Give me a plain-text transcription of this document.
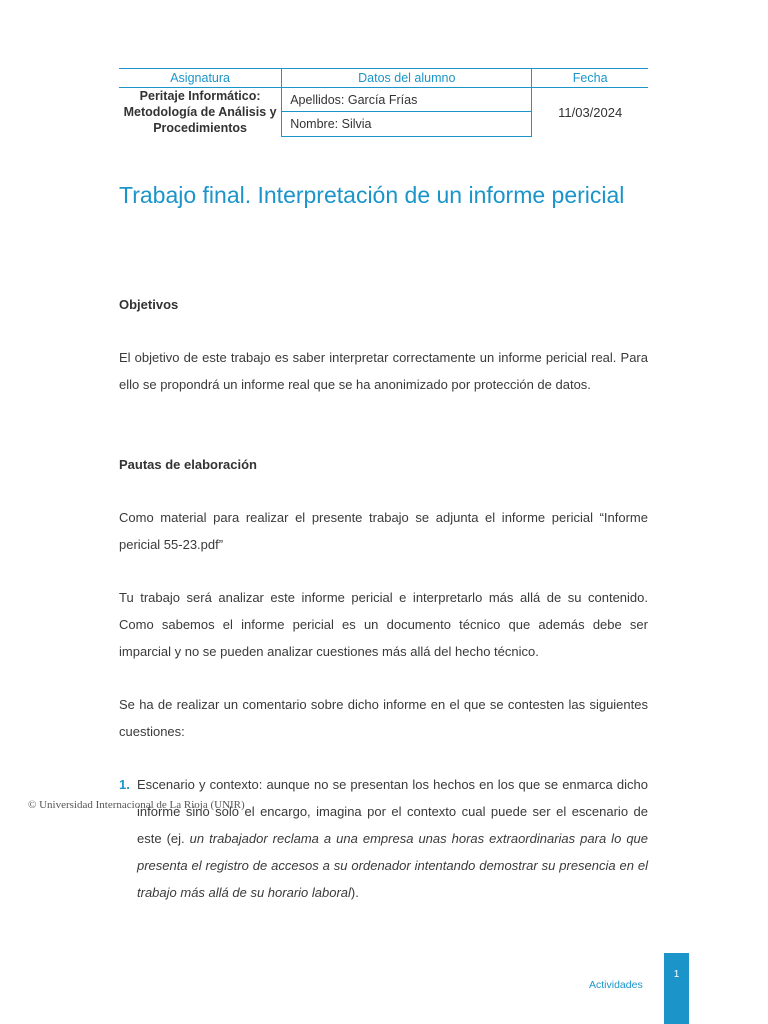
Asignatura	Datos del alumno	Fecha
Peritaje Informático: Metodología de Análisis y Procedimientos	Apellidos: García Frías	11/03/2024
	Nombre: Silvia	
Trabajo final. Interpretación de un informe pericial

Objetivos

El objetivo de este trabajo es saber interpretar correctamente un informe pericial real. Para ello se propondrá un informe real que se ha anonimizado por protección de datos.

Pautas de elaboración

Como material para realizar el presente trabajo se adjunta el informe pericial “Informe pericial 55-23.pdf”

Tu trabajo será analizar este informe pericial e interpretarlo más allá de su contenido. Como sabemos el informe pericial es un documento técnico que además debe ser imparcial y no se pueden analizar cuestiones más allá del hecho técnico.

Se ha de realizar un comentario sobre dicho informe en el que se contesten las siguientes cuestiones:

1. Escenario y contexto: aunque no se presentan los hechos en los que se enmarca dicho informe sino solo el encargo, imagina por el contexto cual puede ser el escenario de este (ej. un trabajador reclama a una empresa unas horas extraordinarias para lo que presenta el registro de accesos a su ordenador intentando demostrar su presencia en el trabajo más allá de su horario laboral).
© Universidad Internacional de La Rioja (UNIR)
Actividades
1
